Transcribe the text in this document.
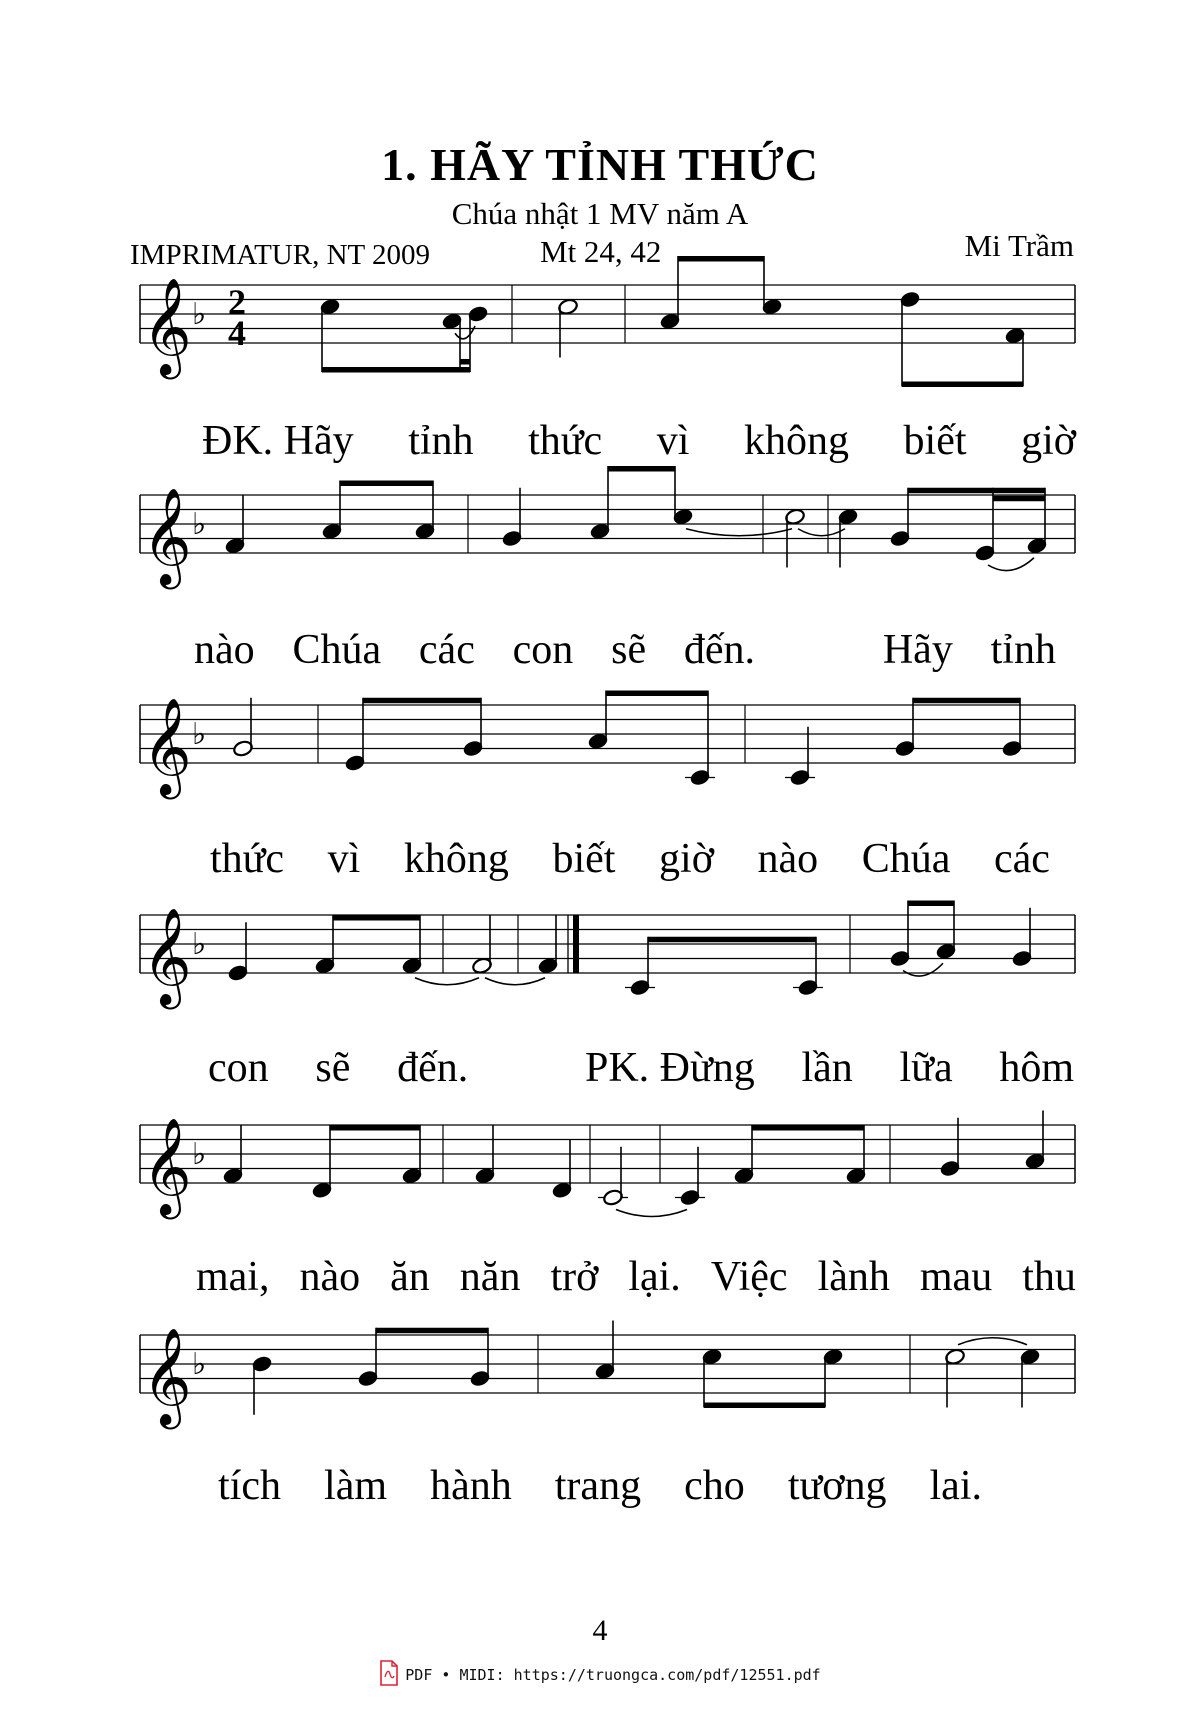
1. HÃY TỈNH THỨC
Chúa nhật 1 MV năm A
IMPRIMATUR, NT 2009	Mt 24, 42	Mi Trầm
𝄞 ♭ 2
4
𝄞 ♭
𝄞 ♭
𝄞 ♭
𝄞 ♭
𝄞 ♭
ĐK. Hãy tỉnh thức vì không biết giờ
nào Chúa các con sẽ đến.	Hãy tỉnh
thức vì không biết giờ nào Chúa các
con sẽ đến.	PK. Đừng lần lữa hôm
mai, nào ăn năn trở lại. Việc lành mau thu
tích làm hành trang cho tương lai.
4
PDF • MIDI: https://truongca.com/pdf/12551.pdf
